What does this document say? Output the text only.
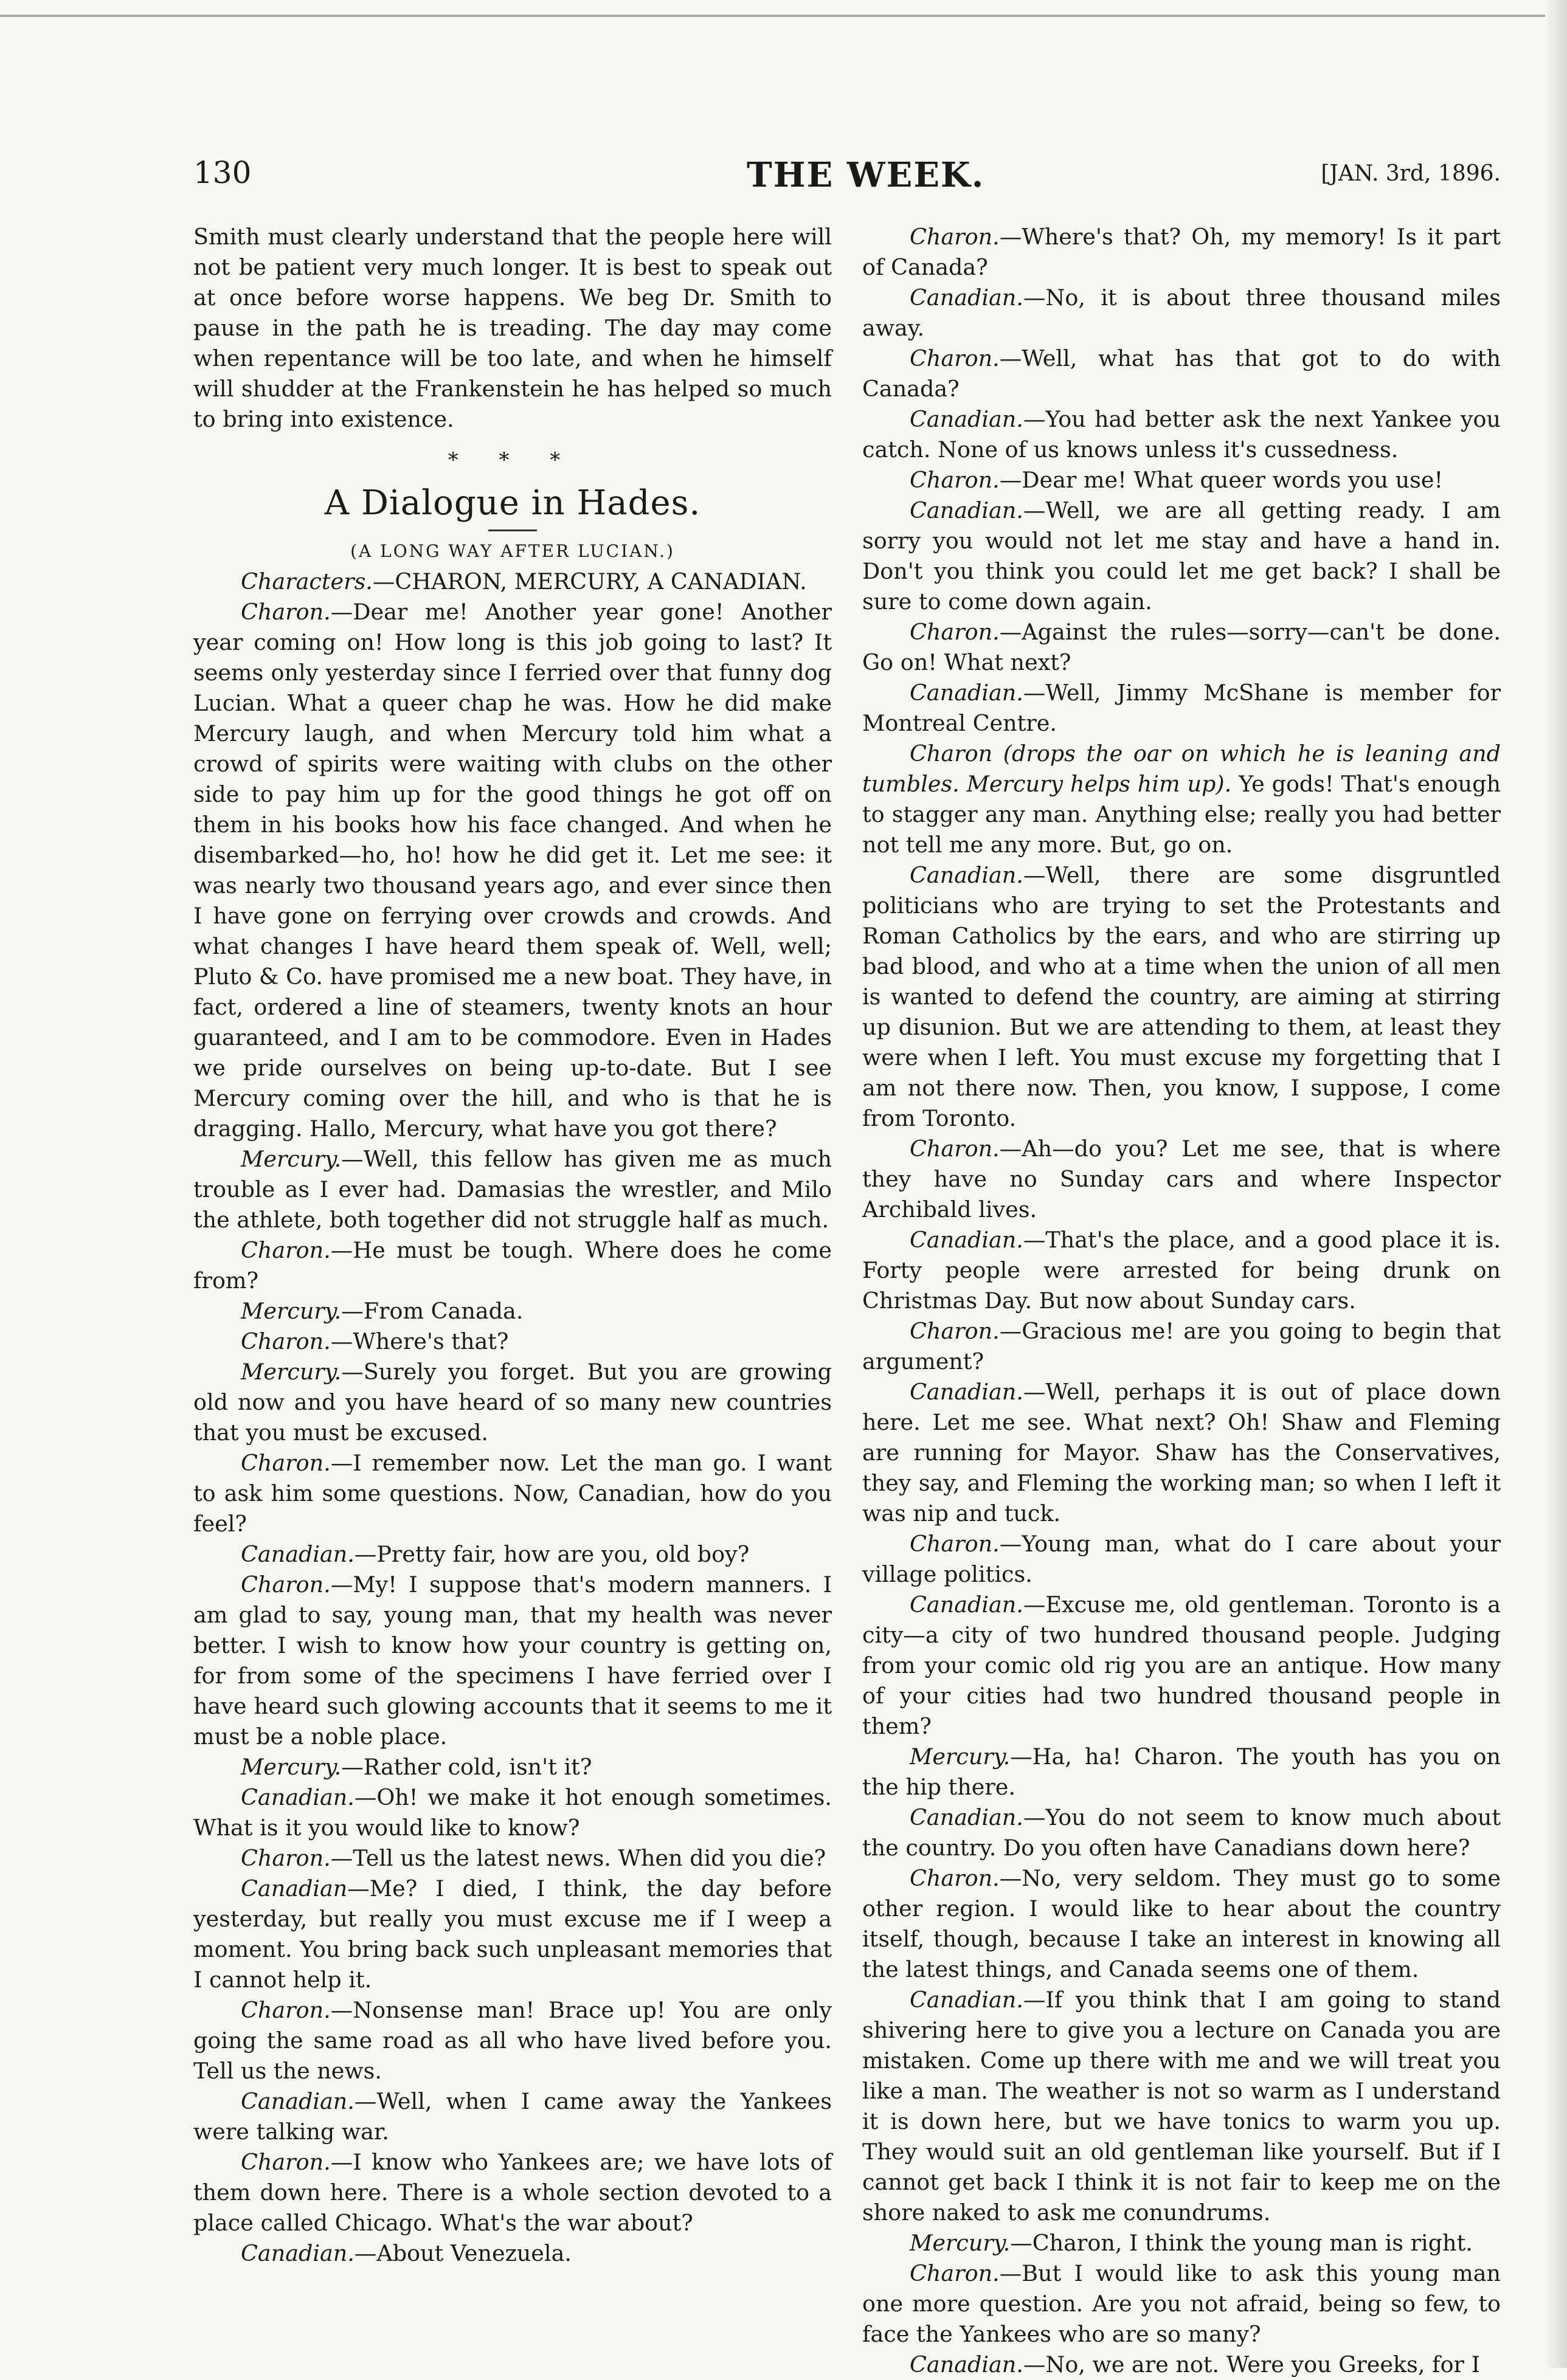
130	THE WEEK.	[JAN. 3rd, 1896.

Smith must clearly understand that the people here will not be patient very much longer. It is best to speak out at once before worse happens. We beg Dr. Smith to pause in the path he is treading. The day may come when repentance will be too late, and when he himself will shudder at the Frankenstein he has helped so much to bring into existence.

* * *
A Dialogue in Hades.
(A LONG WAY AFTER LUCIAN.)

Characters.—CHARON, MERCURY, A CANADIAN.

Charon.—Dear me! Another year gone! Another year coming on! How long is this job going to last? It seems only yesterday since I ferried over that funny dog Lucian. What a queer chap he was. How he did make Mercury laugh, and when Mercury told him what a crowd of spirits were waiting with clubs on the other side to pay him up for the good things he got off on them in his books how his face changed. And when he disembarked—ho, ho! how he did get it. Let me see: it was nearly two thousand years ago, and ever since then I have gone on ferrying over crowds and crowds. And what changes I have heard them speak of. Well, well; Pluto & Co. have promised me a new boat. They have, in fact, ordered a line of steamers, twenty knots an hour guaranteed, and I am to be commodore. Even in Hades we pride ourselves on being up-to-date. But I see Mercury coming over the hill, and who is that he is dragging. Hallo, Mercury, what have you got there?

Mercury.—Well, this fellow has given me as much trouble as I ever had. Damasias the wrestler, and Milo the athlete, both together did not struggle half as much.

Charon.—He must be tough. Where does he come from?

Mercury.—From Canada.

Charon.—Where's that?

Mercury.—Surely you forget. But you are growing old now and you have heard of so many new countries that you must be excused.

Charon.—I remember now. Let the man go. I want to ask him some questions. Now, Canadian, how do you feel?

Canadian.—Pretty fair, how are you, old boy?

Charon.—My! I suppose that's modern manners. I am glad to say, young man, that my health was never better. I wish to know how your country is getting on, for from some of the specimens I have ferried over I have heard such glowing accounts that it seems to me it must be a noble place.

Mercury.—Rather cold, isn't it?

Canadian.—Oh! we make it hot enough sometimes. What is it you would like to know?

Charon.—Tell us the latest news. When did you die?

Canadian—Me? I died, I think, the day before yesterday, but really you must excuse me if I weep a moment. You bring back such unpleasant memories that I cannot help it.

Charon.—Nonsense man! Brace up! You are only going the same road as all who have lived before you. Tell us the news.

Canadian.—Well, when I came away the Yankees were talking war.

Charon.—I know who Yankees are; we have lots of them down here. There is a whole section devoted to a place called Chicago. What's the war about?

Canadian.—About Venezuela.

Charon.—Where's that? Oh, my memory! Is it part of Canada?

Canadian.—No, it is about three thousand miles away.

Charon.—Well, what has that got to do with Canada?

Canadian.—You had better ask the next Yankee you catch. None of us knows unless it's cussedness.

Charon.—Dear me! What queer words you use!

Canadian.—Well, we are all getting ready. I am sorry you would not let me stay and have a hand in. Don't you think you could let me get back? I shall be sure to come down again.

Charon.—Against the rules—sorry—can't be done. Go on! What next?

Canadian.—Well, Jimmy McShane is member for Montreal Centre.

Charon (drops the oar on which he is leaning and tumbles. Mercury helps him up). Ye gods! That's enough to stagger any man. Anything else; really you had better not tell me any more. But, go on.

Canadian.—Well, there are some disgruntled politicians who are trying to set the Protestants and Roman Catholics by the ears, and who are stirring up bad blood, and who at a time when the union of all men is wanted to defend the country, are aiming at stirring up disunion. But we are attending to them, at least they were when I left. You must excuse my forgetting that I am not there now. Then, you know, I suppose, I come from Toronto.

Charon.—Ah—do you? Let me see, that is where they have no Sunday cars and where Inspector Archibald lives.

Canadian.—That's the place, and a good place it is. Forty people were arrested for being drunk on Christmas Day. But now about Sunday cars.

Charon.—Gracious me! are you going to begin that argument?

Canadian.—Well, perhaps it is out of place down here. Let me see. What next? Oh! Shaw and Fleming are running for Mayor. Shaw has the Conservatives, they say, and Fleming the working man; so when I left it was nip and tuck.

Charon.—Young man, what do I care about your village politics.

Canadian.—Excuse me, old gentleman. Toronto is a city—a city of two hundred thousand people. Judging from your comic old rig you are an antique. How many of your cities had two hundred thousand people in them?

Mercury.—Ha, ha! Charon. The youth has you on the hip there.

Canadian.—You do not seem to know much about the country. Do you often have Canadians down here?

Charon.—No, very seldom. They must go to some other region. I would like to hear about the country itself, though, because I take an interest in knowing all the latest things, and Canada seems one of them.

Canadian.—If you think that I am going to stand shivering here to give you a lecture on Canada you are mistaken. Come up there with me and we will treat you like a man. The weather is not so warm as I understand it is down here, but we have tonics to warm you up. They would suit an old gentleman like yourself. But if I cannot get back I think it is not fair to keep me on the shore naked to ask me conundrums.

Mercury.—Charon, I think the young man is right.

Charon.—But I would like to ask this young man one more question. Are you not afraid, being so few, to face the Yankees who are so many?

Canadian.—No, we are not. Were you Greeks, for I
